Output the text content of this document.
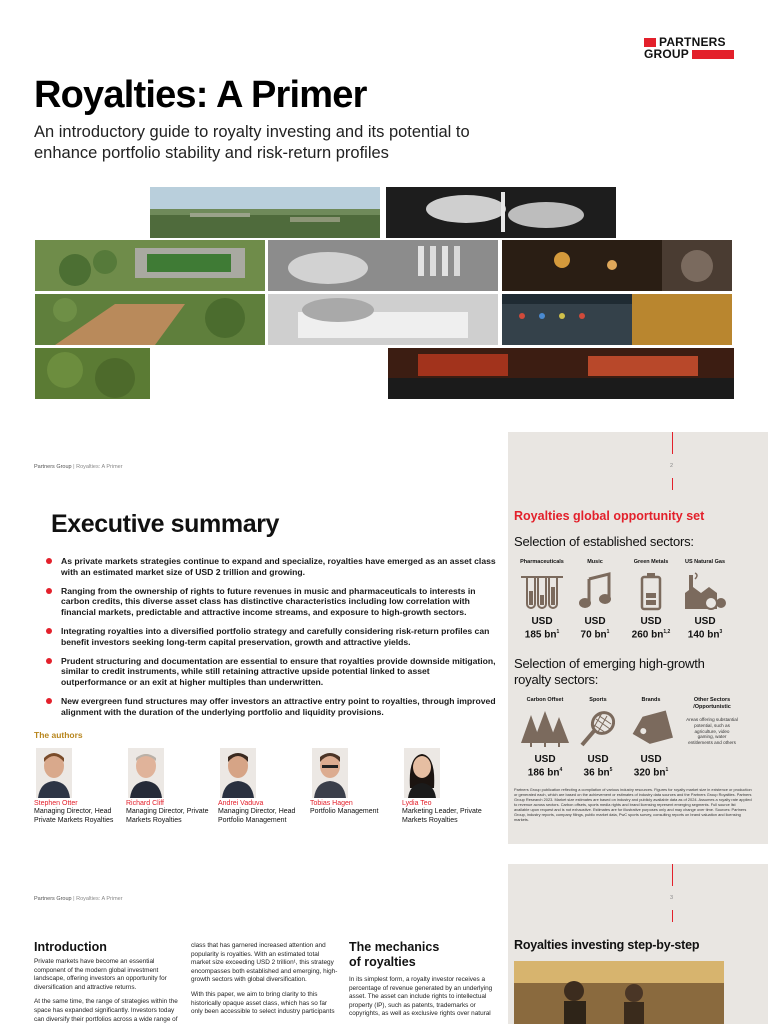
PARTNERS
GROUP
Royalties: A Primer

An introductory guide to royalty investing and its potential to enhance portfolio stability and risk-return profiles

Partners Group | Royalties: A Primer
Executive summary
As private markets strategies continue to expand and specialize, royalties have emerged as an asset class with an estimated market size of USD 2 trillion and growing.
Ranging from the ownership of rights to future revenues in music and pharmaceuticals to interests in carbon credits, this diverse asset class has distinctive characteristics including low correlation with financial markets, predictable and attractive income streams, and exposure to high-growth sectors.
Integrating royalties into a diversified portfolio strategy and carefully considering risk-return profiles can benefit investors seeking long-term capital preservation, growth and attractive yields.
Prudent structuring and documentation are essential to ensure that royalties provide downside mitigation, similar to credit instruments, while still retaining attractive upside potential linked to asset outperformance or an exit at higher multiples than underwritten.
New evergreen fund structures may offer investors an attractive entry point to royalties, through improved alignment with the duration of the underlying portfolio and liquidity provisions.
The authors
Stephen Otter
Managing Director, Head Private Markets Royalties
Richard Cliff
Managing Director, Private Markets Royalties
Andrei Vaduva
Managing Director, Head Portfolio Management
Tobias Hagen
Portfolio Management
Lydia Teo
Marketing Leader, Private Markets Royalties
2
Royalties global opportunity set
Selection of established sectors:
Pharmaceuticals
USD
185 $bn^1$
Music
USD
70 $bn^1$
Green Metals
USD
260 bn$^{1,2}$
US Natural Gas
USD
140 $bn^3$
Selection of emerging high-growth royalty sectors:
Carbon Offset
USD
186 $bn^4$
Sports
USD
36 $bn^5$
Brands
USD
320 $bn^1$
Other Sectors /Opportunistic
Areas offering substantial potential, such as agriculture, video gaming, water entitlements and others
Partners Group publication reflecting a compilation of various industry resources. Figures for royalty market size in existence or production or generated each, which are based on the achievement or estimates of industry data sources and the Partners Group Royalties. Partners Group Research 2023. Market size estimates are based on industry and publicly available data as of 2024. Assumes a royalty rate applied to revenue across sectors. Carbon offsets, sports media rights and brand licensing represent emerging segments. Full source list available upon request and is not exhaustive. Estimates are for illustrative purposes only and may change over time. Sources: Partners Group, industry reports, company filings, public market data, PwC sports survey, consulting reports on brand valuation and licensing markets.
3
Partners Group | Royalties: A Primer
Introduction

Private markets have become an essential component of the modern global investment landscape, offering investors an opportunity for diversification and attractive returns.

At the same time, the range of strategies within the space has expanded significantly. Investors today can diversify their portfolios across a wide range of

class that has garnered increased attention and popularity is royalties. With an estimated total market size exceeding USD 2 trillion¹, this strategy encompasses both established and emerging, high-growth sectors with global diversification.

With this paper, we aim to bring clarity to this historically opaque asset class, which has so far only been accessible to select industry participants

The mechanics of royalties
In its simplest form, a royalty investor receives a percentage of revenue generated by an underlying asset. The asset can include rights to intellectual property (IP), such as patents, trademarks or copyrights, as well as exclusive rights over natural
Royalties investing step-by-step
